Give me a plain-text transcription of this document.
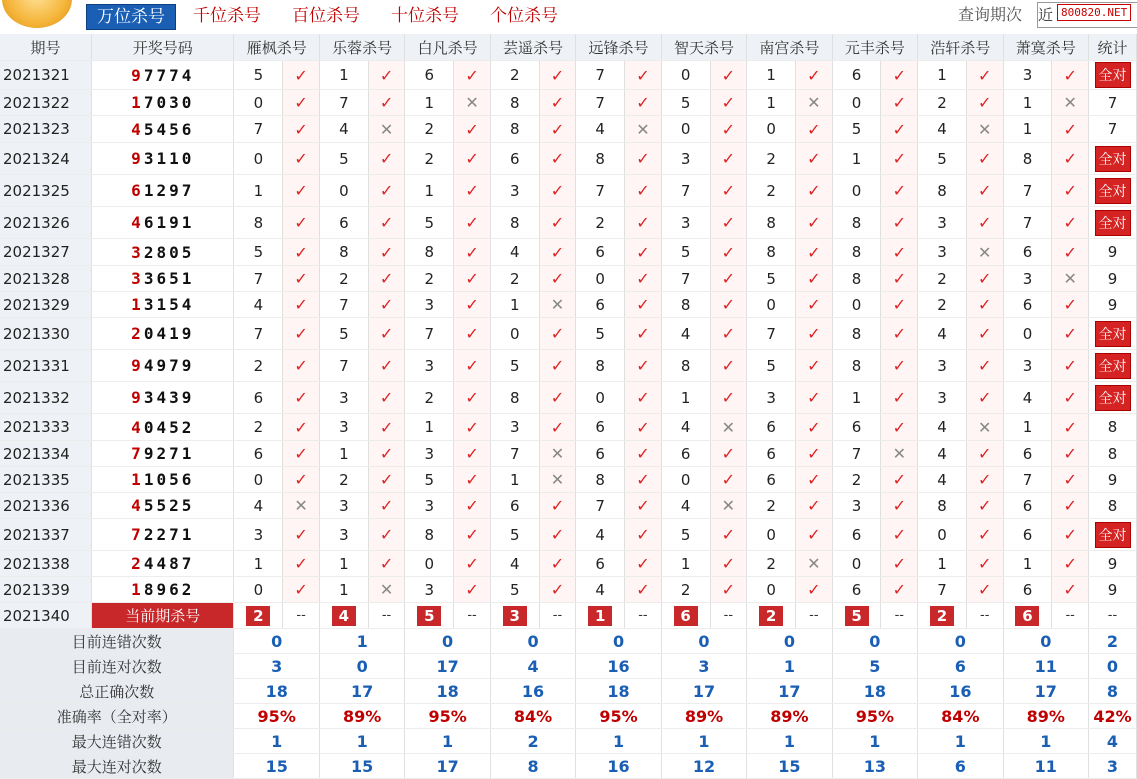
万位杀号	千位杀号 百位杀号 十位杀号 个位杀号	查询期次 近 800820.NET
期号	开奖号码	雁枫杀号		乐蓉杀号		白凡杀号		芸遥杀号		远锋杀号		智天杀号		南宫杀号		元丰杀号		浩轩杀号		萧寞杀号		统计
2021321	97774	5	✓	1	✓	6	✓	2	✓	7	✓	0	✓	1	✓	6	✓	1	✓	3	✓	全对
2021322	17030	0	✓	7	✓	1	✕	8	✓	7	✓	5	✓	1	✕	0	✓	2	✓	1	✕	7
2021323	45456	7	✓	4	✕	2	✓	8	✓	4	✕	0	✓	0	✓	5	✓	4	✕	1	✓	7
2021324	93110	0	✓	5	✓	2	✓	6	✓	8	✓	3	✓	2	✓	1	✓	5	✓	8	✓	全对
2021325	61297	1	✓	0	✓	1	✓	3	✓	7	✓	7	✓	2	✓	0	✓	8	✓	7	✓	全对
2021326	46191	8	✓	6	✓	5	✓	8	✓	2	✓	3	✓	8	✓	8	✓	3	✓	7	✓	全对
2021327	32805	5	✓	8	✓	8	✓	4	✓	6	✓	5	✓	8	✓	8	✓	3	✕	6	✓	9
2021328	33651	7	✓	2	✓	2	✓	2	✓	0	✓	7	✓	5	✓	8	✓	2	✓	3	✕	9
2021329	13154	4	✓	7	✓	3	✓	1	✕	6	✓	8	✓	0	✓	0	✓	2	✓	6	✓	9
2021330	20419	7	✓	5	✓	7	✓	0	✓	5	✓	4	✓	7	✓	8	✓	4	✓	0	✓	全对
2021331	94979	2	✓	7	✓	3	✓	5	✓	8	✓	8	✓	5	✓	8	✓	3	✓	3	✓	全对
2021332	93439	6	✓	3	✓	2	✓	8	✓	0	✓	1	✓	3	✓	1	✓	3	✓	4	✓	全对
2021333	40452	2	✓	3	✓	1	✓	3	✓	6	✓	4	✕	6	✓	6	✓	4	✕	1	✓	8
2021334	79271	6	✓	1	✓	3	✓	7	✕	6	✓	6	✓	6	✓	7	✕	4	✓	6	✓	8
2021335	11056	0	✓	2	✓	5	✓	1	✕	8	✓	0	✓	6	✓	2	✓	4	✓	7	✓	9
2021336	45525	4	✕	3	✓	3	✓	6	✓	7	✓	4	✕	2	✓	3	✓	8	✓	6	✓	8
2021337	72271	3	✓	3	✓	8	✓	5	✓	4	✓	5	✓	0	✓	6	✓	0	✓	6	✓	全对
2021338	24487	1	✓	1	✓	0	✓	4	✓	6	✓	1	✓	2	✕	0	✓	1	✓	1	✓	9
2021339	18962	0	✓	1	✕	3	✓	5	✓	4	✓	2	✓	0	✓	6	✓	7	✓	6	✓	9
2021340	当前期杀号	2	--	4	--	5	--	3	--	1	--	6	--	2	--	5	--	2	--	6	--	--
目前连错次数		0		1		0		0		0		0		0		0		0		0		2
目前连对次数		3		0		17		4		16		3		1		5		6		11		0
总正确次数		18		17		18		16		18		17		17		18		16		17		8
准确率（全对率）		95%		89%		95%		84%		95%		89%		89%		95%		84%		89%		42%
最大连错次数		1		1		1		2		1		1		1		1		1		1		4
最大连对次数		15		15		17		8		16		12		15		13		6		11		3
